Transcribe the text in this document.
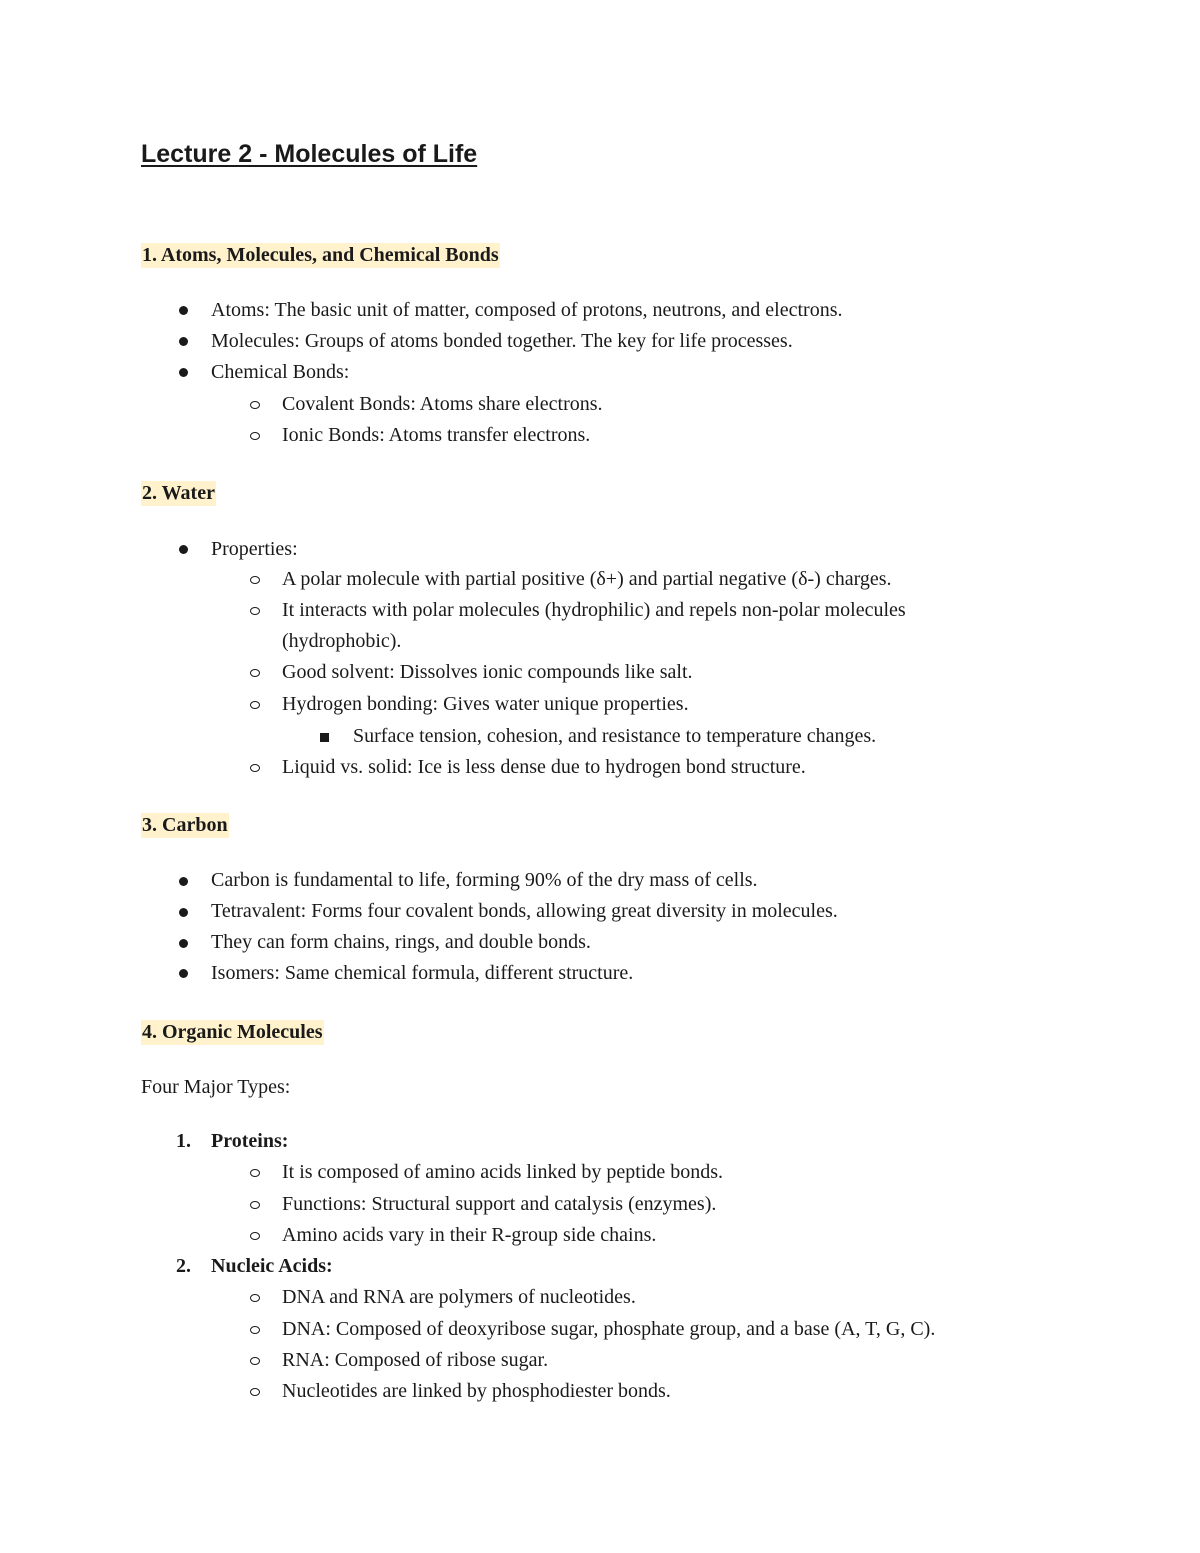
Lecture 2 - Molecules of Life
1. Atoms, Molecules, and Chemical Bonds

Atoms: The basic unit of matter, composed of protons, neutrons, and electrons.

Molecules: Groups of atoms bonded together. The key for life processes.

Chemical Bonds:

Covalent Bonds: Atoms share electrons.

Ionic Bonds: Atoms transfer electrons.

2. Water

Properties:

A polar molecule with partial positive (δ+) and partial negative (δ-) charges.

It interacts with polar molecules (hydrophilic) and repels non-polar molecules

(hydrophobic).

Good solvent: Dissolves ionic compounds like salt.

Hydrogen bonding: Gives water unique properties.

Surface tension, cohesion, and resistance to temperature changes.

Liquid vs. solid: Ice is less dense due to hydrogen bond structure.

3. Carbon

Carbon is fundamental to life, forming 90% of the dry mass of cells.

Tetravalent: Forms four covalent bonds, allowing great diversity in molecules.

They can form chains, rings, and double bonds.

Isomers: Same chemical formula, different structure.

4. Organic Molecules

Four Major Types:

1. Proteins:

It is composed of amino acids linked by peptide bonds.

Functions: Structural support and catalysis (enzymes).

Amino acids vary in their R-group side chains.

2. Nucleic Acids:

DNA and RNA are polymers of nucleotides.

DNA: Composed of deoxyribose sugar, phosphate group, and a base (A, T, G, C).

RNA: Composed of ribose sugar.

Nucleotides are linked by phosphodiester bonds.
